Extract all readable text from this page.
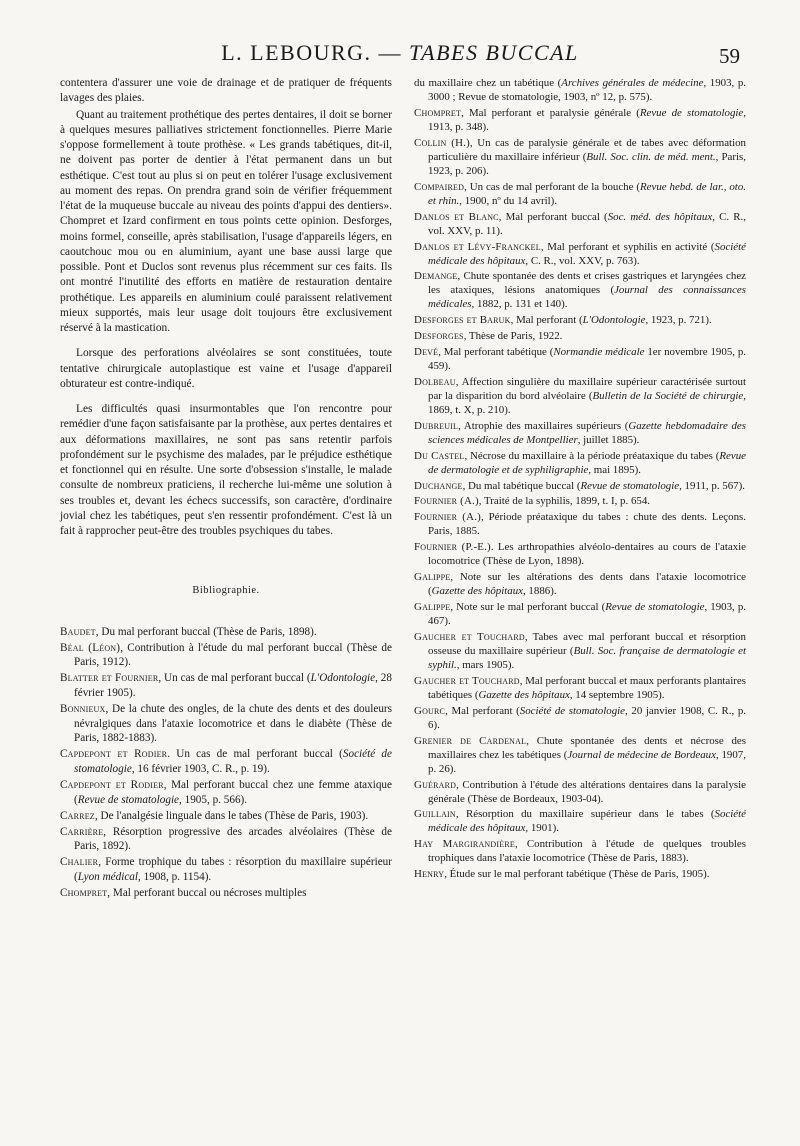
L. LEBOURG. — TABES BUCCAL	59

contentera d'assurer une voie de drainage et de pratiquer de fréquents lavages des plaies.

Quant au traitement prothétique des pertes dentaires, il doit se borner à quelques mesures palliatives strictement fonctionnelles. Pierre Marie s'oppose formellement à toute prothèse. « Les grands tabétiques, dit-il, ne doivent pas porter de dentier à l'état permanent dans un but esthétique. C'est tout au plus si on peut en tolérer l'usage exclusivement au moment des repas. On prendra grand soin de vérifier fréquemment l'état de la muqueuse buccale au niveau des points d'appui des dentiers». Chompret et Izard confirment en tous points cette opinion. Desforges, moins formel, conseille, après stabilisation, l'usage d'appareils légers, en caoutchouc mou ou en aluminium, ayant une base aussi large que possible. Pont et Duclos sont revenus plus récemment sur ces faits. Ils ont montré l'inutilité des efforts en matière de restauration dentaire prothétique. Les appareils en aluminium coulé paraissent relativement mieux supportés, mais leur usage doit toujours être exclusivement réservé à la mastication.

Lorsque des perforations alvéolaires se sont constituées, toute tentative chirurgicale autoplastique est vaine et l'usage d'appareil obturateur est contre-indiqué.

Les difficultés quasi insurmontables que l'on rencontre pour remédier d'une façon satisfaisante par la prothèse, aux pertes dentaires et aux déformations maxillaires, ne sont pas sans retentir parfois profondément sur le psychisme des malades, par le préjudice esthétique et fonctionnel qui en résulte. Une sorte d'obsession s'installe, le malade consulte de nombreux praticiens, il recherche lui-même une solution à ses troubles et, devant les échecs successifs, son caractère, d'ordinaire jovial chez les tabétiques, peut s'en ressentir profondément. C'est là un fait à rapprocher peut-être des troubles psychiques du tabes.

Bibliographie.
Baudet, Du mal perforant buccal (Thèse de Paris, 1898).
Béal (Léon), Contribution à l'étude du mal perforant buccal (Thèse de Paris, 1912).
Blatter et Fournier, Un cas de mal perforant buccal (L'Odontologie, 28 février 1905).
Bonnieux, De la chute des ongles, de la chute des dents et des douleurs névralgiques dans l'ataxie locomotrice et dans le diabète (Thèse de Paris, 1882-1883).
Capdepont et Rodier. Un cas de mal perforant buccal (Société de stomatologie, 16 février 1903, C. R., p. 19).
Capdepont et Rodier, Mal perforant buccal chez une femme ataxique (Revue de stomatologie, 1905, p. 566).
Carrez, De l'analgésie linguale dans le tabes (Thèse de Paris, 1903).
Carrière, Résorption progressive des arcades alvéolaires (Thèse de Paris, 1892).
Chalier, Forme trophique du tabes : résorption du maxillaire supérieur (Lyon médical, 1908, p. 1154).
Chompret, Mal perforant buccal ou nécroses multiples
du maxillaire chez un tabétique (Archives générales de médecine, 1903, p. 3000 ; Revue de stomatologie, 1903, nº 12, p. 575).
Chompret, Mal perforant et paralysie générale (Revue de stomatologie, 1913, p. 348).
Collin (H.), Un cas de paralysie générale et de tabes avec déformation particulière du maxillaire inférieur (Bull. Soc. clin. de méd. ment., Paris, 1923, p. 206).
Compaired, Un cas de mal perforant de la bouche (Revue hebd. de lar., oto. et rhin., 1900, nº du 14 avril).
Danlos et Blanc, Mal perforant buccal (Soc. méd. des hôpitaux, C. R., vol. XXV, p. 11).
Danlos et Lévy-Franckel, Mal perforant et syphilis en activité (Société médicale des hôpitaux, C. R., vol. XXV, p. 763).
Demange, Chute spontanée des dents et crises gastriques et laryngées chez les ataxiques, lésions anatomiques (Journal des connaissances médicales, 1882, p. 131 et 140).
Desforges et Baruk, Mal perforant (L'Odontologie, 1923, p. 721).
Desforges, Thèse de Paris, 1922.
Devé, Mal perforant tabétique (Normandie médicale 1er novembre 1905, p. 459).
Dolbeau, Affection singulière du maxillaire supérieur caractérisée surtout par la disparition du bord alvéolaire (Bulletin de la Société de chirurgie, 1869, t. X, p. 210).
Dubreuil, Atrophie des maxillaires supérieurs (Gazette hebdomadaire des sciences médicales de Montpellier, juillet 1885).
Du Castel, Nécrose du maxillaire à la période préataxique du tabes (Revue de dermatologie et de syphiligraphie, mai 1895).
Duchange, Du mal tabétique buccal (Revue de stomatologie, 1911, p. 567).
Fournier (A.), Traité de la syphilis, 1899, t. I, p. 654.
Fournier (A.), Période préataxique du tabes : chute des dents. Leçons. Paris, 1885.
Fournier (P.-E.). Les arthropathies alvéolo-dentaires au cours de l'ataxie locomotrice (Thèse de Lyon, 1898).
Galippe, Note sur les altérations des dents dans l'ataxie locomotrice (Gazette des hôpitaux, 1886).
Galippe, Note sur le mal perforant buccal (Revue de stomatologie, 1903, p. 467).
Gaucher et Touchard, Tabes avec mal perforant buccal et résorption osseuse du maxillaire supérieur (Bull. Soc. française de dermatologie et syphil., mars 1905).
Gaucher et Touchard, Mal perforant buccal et maux perforants plantaires tabétiques (Gazette des hôpitaux, 14 septembre 1905).
Gourc, Mal perforant (Société de stomatologie, 20 janvier 1908, C. R., p. 6).
Grenier de Cardenal, Chute spontanée des dents et nécrose des maxillaires chez les tabétiques (Journal de médecine de Bordeaux, 1907, p. 26).
Guérard, Contribution à l'étude des altérations dentaires dans la paralysie générale (Thèse de Bordeaux, 1903-04).
Guillain, Résorption du maxillaire supérieur dans le tabes (Société médicale des hôpitaux, 1901).
Hay Margirandière, Contribution à l'étude de quelques troubles trophiques dans l'ataxie locomotrice (Thèse de Paris, 1883).
Henry, Étude sur le mal perforant tabétique (Thèse de Paris, 1905).
